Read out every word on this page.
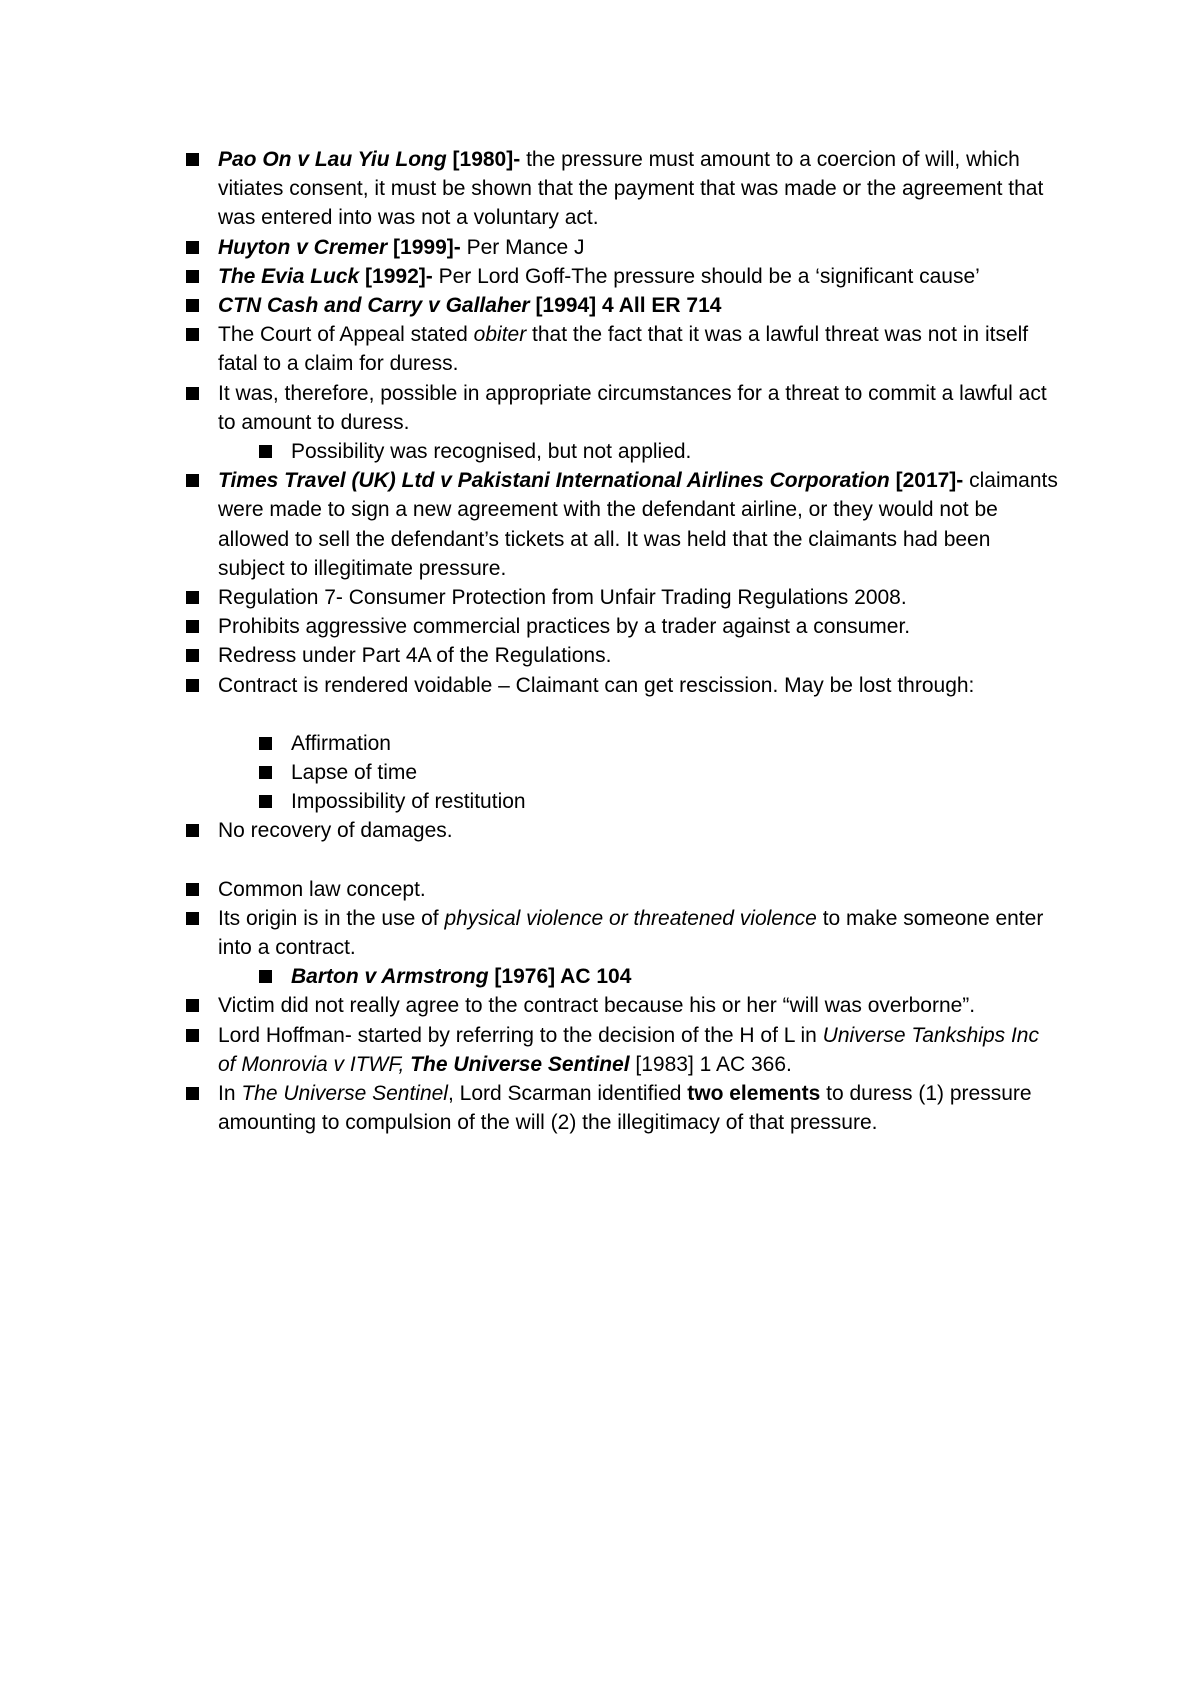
Pao On v Lau Yiu Long [1980]- the pressure must amount to a coercion of will, which vitiates consent, it must be shown that the payment that was made or the agreement that was entered into was not a voluntary act.
Huyton v Cremer [1999]- Per Mance J
The Evia Luck [1992]- Per Lord Goff-The pressure should be a ‘significant cause’
CTN Cash and Carry v Gallaher [1994] 4 All ER 714
The Court of Appeal stated obiter that the fact that it was a lawful threat was not in itself fatal to a claim for duress.
It was, therefore, possible in appropriate circumstances for a threat to commit a lawful act to amount to duress.
Possibility was recognised, but not applied.
Times Travel (UK) Ltd v Pakistani International Airlines Corporation [2017]- claimants were made to sign a new agreement with the defendant airline, or they would not be allowed to sell the defendant’s tickets at all. It was held that the claimants had been subject to illegitimate pressure.
Regulation 7- Consumer Protection from Unfair Trading Regulations 2008.
Prohibits aggressive commercial practices by a trader against a consumer.
Redress under Part 4A of the Regulations.
Contract is rendered voidable – Claimant can get rescission. May be lost through:
Affirmation
Lapse of time
Impossibility of restitution
No recovery of damages.
Common law concept.
Its origin is in the use of physical violence or threatened violence to make someone enter into a contract.
Barton v Armstrong [1976] AC 104
Victim did not really agree to the contract because his or her “will was overborne”.
Lord Hoffman- started by referring to the decision of the H of L in Universe Tankships Inc of Monrovia v ITWF, The Universe Sentinel [1983] 1 AC 366.
In The Universe Sentinel, Lord Scarman identified two elements to duress (1) pressure amounting to compulsion of the will (2) the illegitimacy of that pressure.
